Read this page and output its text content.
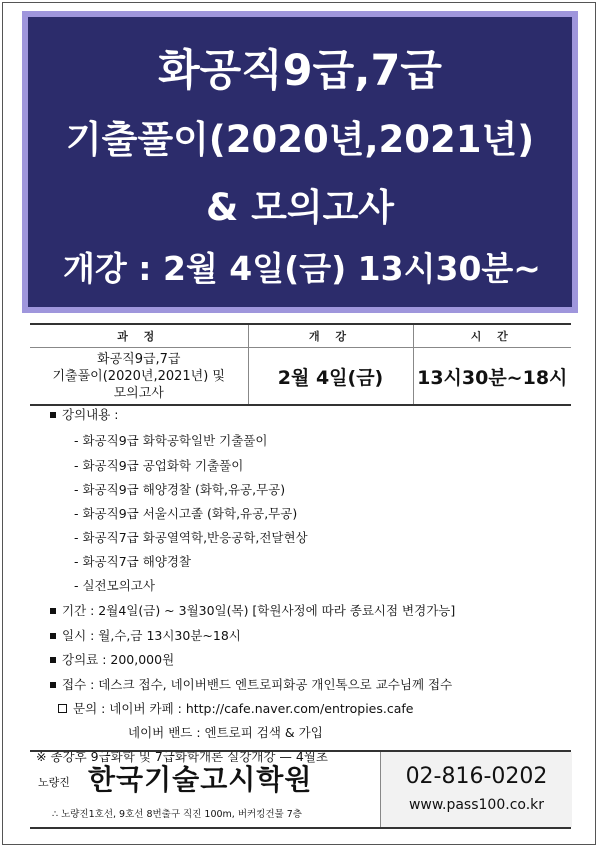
화공직9급,7급
기출풀이(2020년,2021년)
& 모의고사
개강 : 2월 4일(금) 13시30분~
과 정	개 강	시 간

화공직9급,7급
기출풀이(2020년,2021년) 및
모의고사	2월 4일(금)	13시30분~18시
강의내용 :
- 화공직9급 화학공학일반 기출풀이
- 화공직9급 공업화학 기출풀이
- 화공직9급 해양경찰 (화학,유공,무공)
- 화공직9급 서울시고졸 (화학,유공,무공)
- 화공직7급 화공열역학,반응공학,전달현상
- 화공직7급 해양경찰
- 실전모의고사
기간 : 2월4일(금) ~ 3월30일(목) [학원사정에 따라 종료시점 변경가능]
일시 : 월,수,금 13시30분~18시
강의료 : 200,000원
접수 : 데스크 접수, 네이버밴드 엔트로피화공 개인톡으로 교수님께 접수
문의 : 네이버 카페 : http://cafe.naver.com/entropies.cafe
네이버 밴드 : 엔트로피 검색 & 가입
※ 종강후 9급화학 및 7급화학개론 실강개강 — 4월초
노량진 한국기술고시학원
∴ 노량진1호선, 9호선 8번출구 직진 100m, 버커킹건물 7층
02-816-0202
www.pass100.co.kr
